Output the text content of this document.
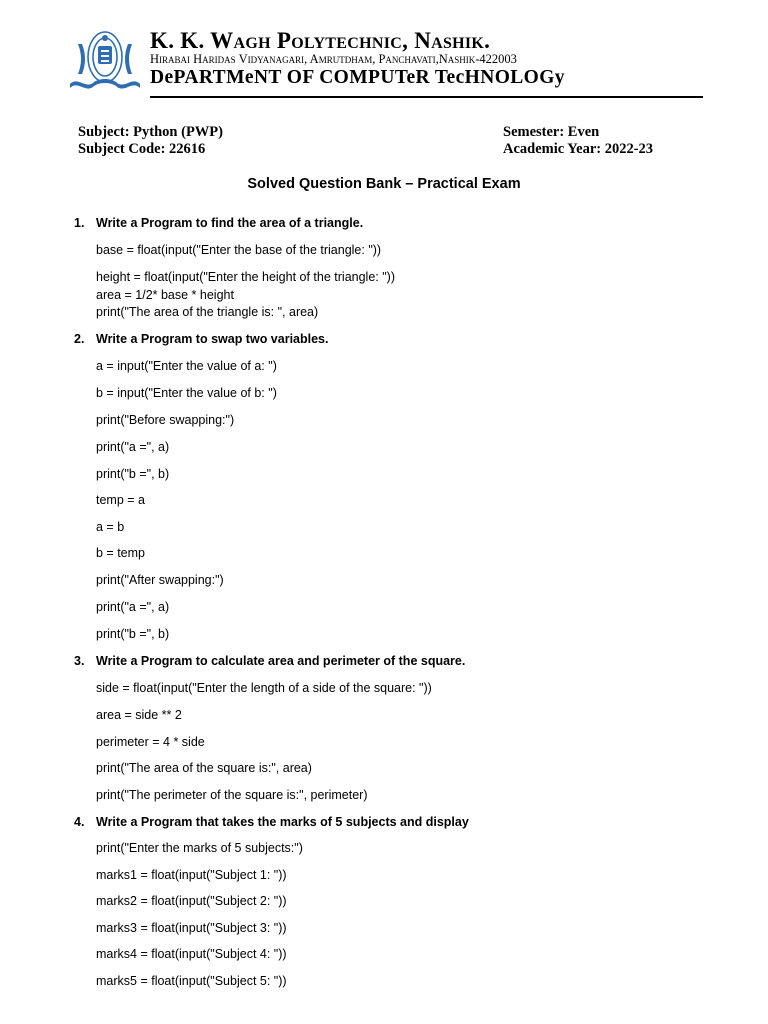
K. K. Wagh Polytechnic, Nashik.
Hirabai Haridas Vidyanagari, Amrutdham, Panchavati,Nashik-422003
DePARTMeNT OF COMPUTeR TecHNOLOGy
Subject: Python (PWP)
Subject Code: 22616
Semester: Even
Academic Year: 2022-23
Solved Question Bank – Practical Exam
1. Write a Program to find the area of a triangle.
base = float(input("Enter the base of the triangle: "))
height = float(input("Enter the height of the triangle: "))
area = 1/2* base * height
print("The area of the triangle is: ", area)
2. Write a Program to swap two variables.
a = input("Enter the value of a: ")
b = input("Enter the value of b: ")
print("Before swapping:")
print("a =", a)
print("b =", b)
temp = a
a = b
b = temp
print("After swapping:")
print("a =", a)
print("b =", b)
3. Write a Program to calculate area and perimeter of the square.
side = float(input("Enter the length of a side of the square: "))
area = side ** 2
perimeter = 4 * side
print("The area of the square is:", area)
print("The perimeter of the square is:", perimeter)
4. Write a Program that takes the marks of 5 subjects and display
print("Enter the marks of 5 subjects:")
marks1 = float(input("Subject 1: "))
marks2 = float(input("Subject 2: "))
marks3 = float(input("Subject 3: "))
marks4 = float(input("Subject 4: "))
marks5 = float(input("Subject 5: "))
